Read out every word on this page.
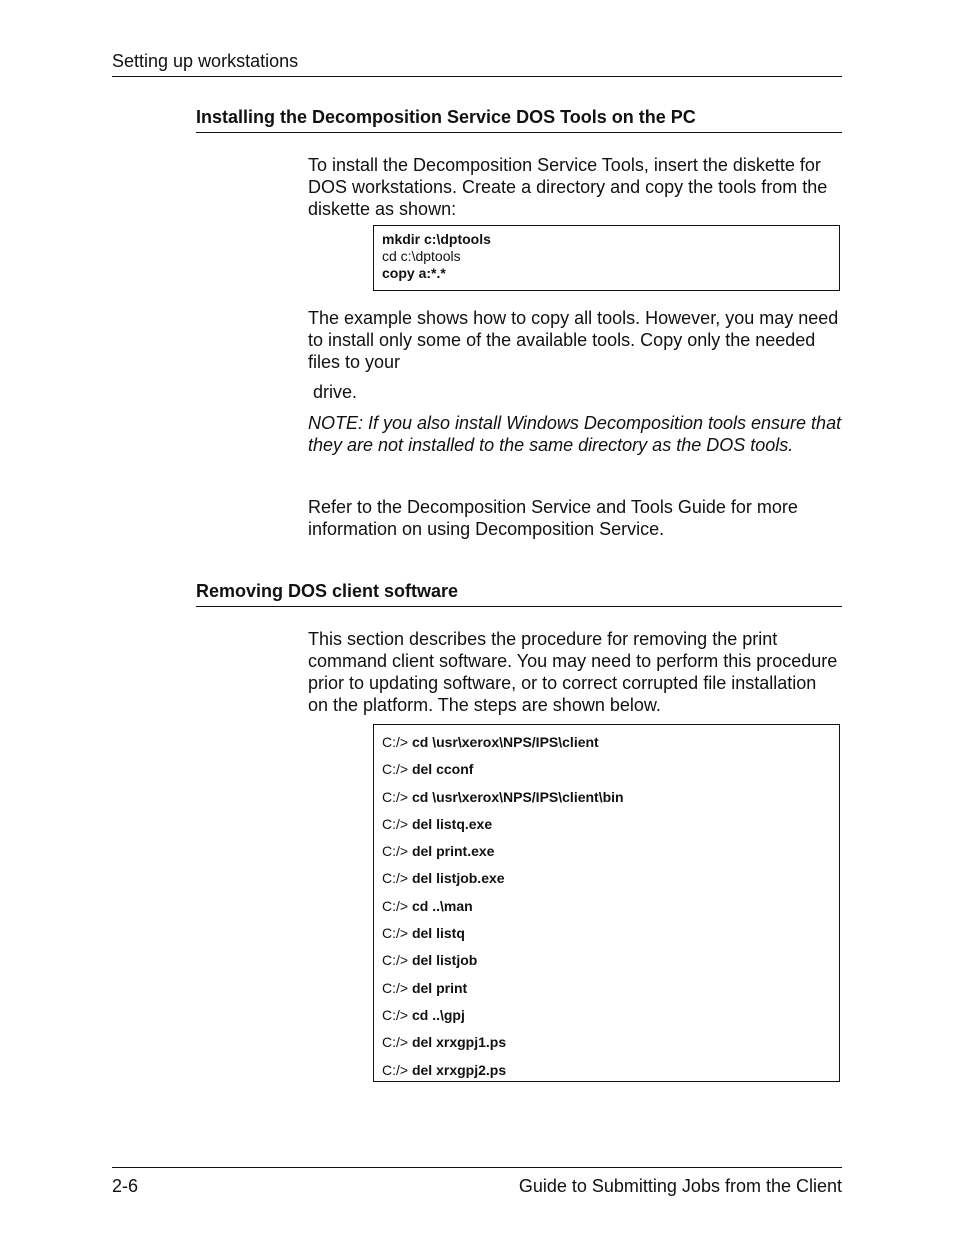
Setting up workstations
Installing the Decomposition Service DOS Tools on the PC

To install the Decomposition Service Tools, insert the diskette for DOS workstations. Create a directory and copy the tools from the diskette as shown:

mkdir c:\dptools
cd c:\dptools
copy a:*.*

The example shows how to copy all tools. However, you may need to install only some of the available tools. Copy only the needed files to your

drive.

NOTE: If you also install Windows Decomposition tools ensure that they are not installed to the same directory as the DOS tools.

Refer to the Decomposition Service and Tools Guide for more information on using Decomposition Service.

Removing DOS client software

This section describes the procedure for removing the print command client software. You may need to perform this procedure prior to updating software, or to correct corrupted file installation on the platform. The steps are shown below.

C:/> cd \usr\xerox\NPS/IPS\client
C:/> del cconf
C:/> cd \usr\xerox\NPS/IPS\client\bin
C:/> del listq.exe
C:/> del print.exe
C:/> del listjob.exe
C:/> cd ..\man
C:/> del listq
C:/> del listjob
C:/> del print
C:/> cd ..\gpj
C:/> del xrxgpj1.ps
C:/> del xrxgpj2.ps
2-6	Guide to Submitting Jobs from the Client
